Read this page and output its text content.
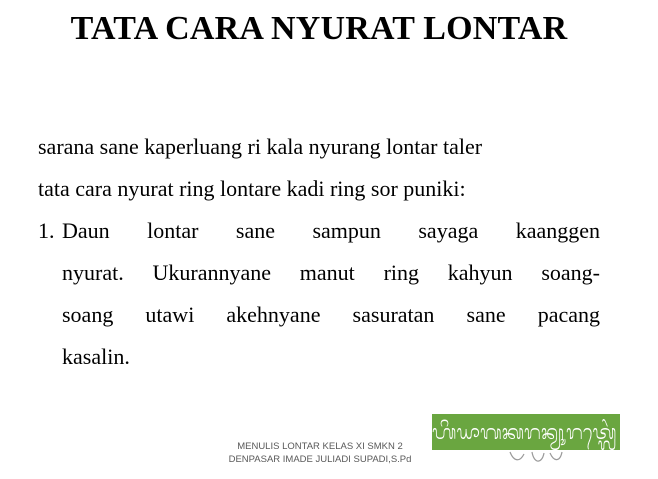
TATA CARA NYURAT LONTAR
sarana sane kaperluang ri kala nyurang lontar taler
tata cara nyurat ring lontare kadi ring sor puniki:
1. Daun lontar sane sampun sayaga kaanggen
nyurat. Ukurannyane manut ring kahyun soang-
soang utawi akehnyane sasuratan sane pacang
kasalin.
MENULIS LONTAR KELAS XI SMKN 2
DENPASAR IMADE JULIADI SUPADI,S.Pd
ᬳᬶᬬᬵᬕᬓᬭᬦ᭄ᬬᬸᬭᬢ᭄ᬮᬾᬂᬧᬓᬶ
